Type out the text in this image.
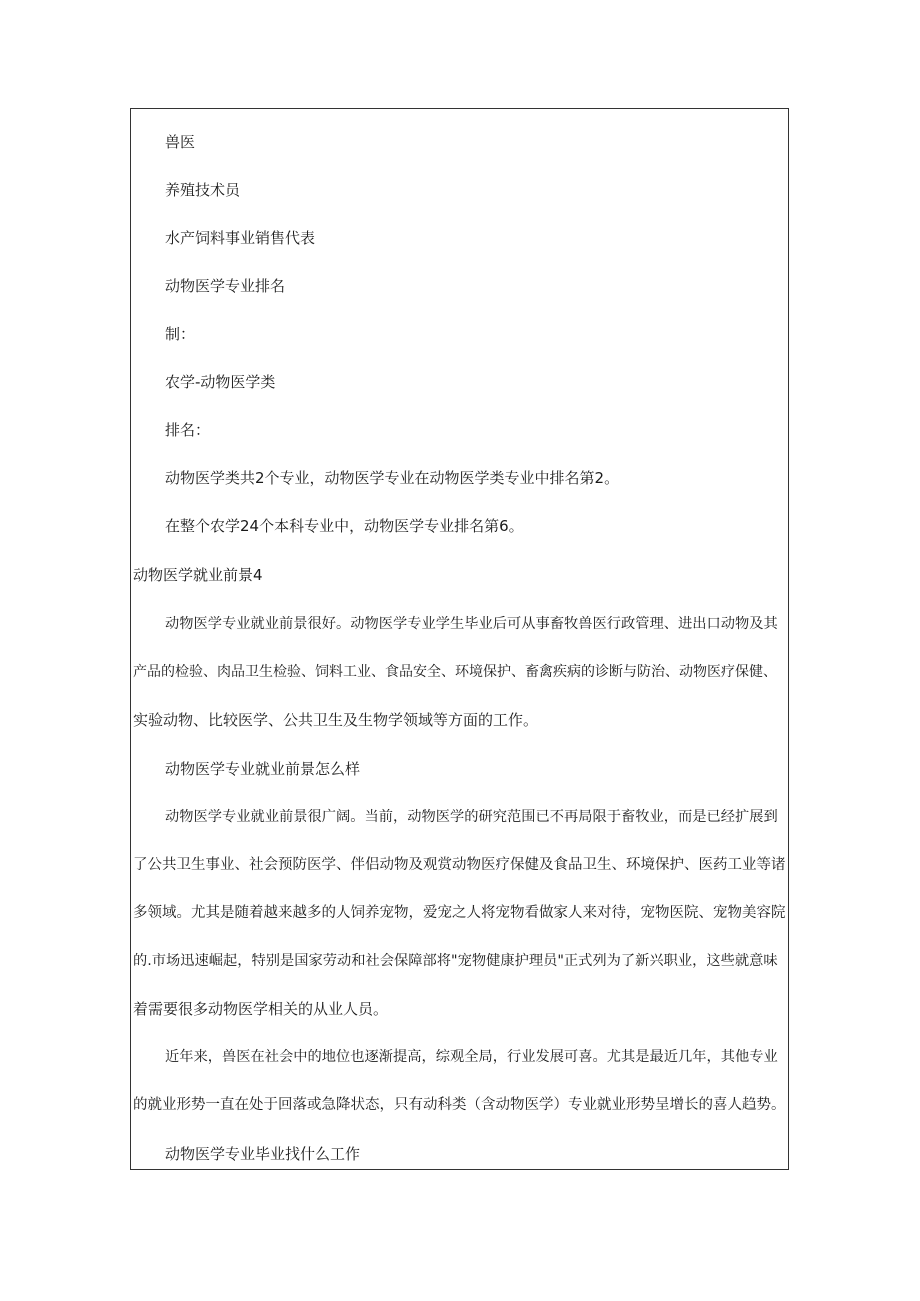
兽医

养殖技术员

水产饲料事业销售代表

动物医学专业排名

制：

农学-动物医学类

排名：

动物医学类共2个专业，动物医学专业在动物医学类专业中排名第2。

在整个农学24个本科专业中，动物医学专业排名第6。

动物医学就业前景4

动物医学专业就业前景很好。动物医学专业学生毕业后可从事畜牧兽医行政管理、进出口动物及其

产品的检验、肉品卫生检验、饲料工业、食品安全、环境保护、畜禽疾病的诊断与防治、动物医疗保健、

实验动物、比较医学、公共卫生及生物学领域等方面的工作。

动物医学专业就业前景怎么样

动物医学专业就业前景很广阔。当前，动物医学的研究范围已不再局限于畜牧业，而是已经扩展到

了公共卫生事业、社会预防医学、伴侣动物及观赏动物医疗保健及食品卫生、环境保护、医药工业等诸

多领域。尤其是随着越来越多的人饲养宠物，爱宠之人将宠物看做家人来对待，宠物医院、宠物美容院

的.市场迅速崛起，特别是国家劳动和社会保障部将"宠物健康护理员"正式列为了新兴职业，这些就意味

着需要很多动物医学相关的从业人员。

近年来，兽医在社会中的地位也逐渐提高，综观全局，行业发展可喜。尤其是最近几年，其他专业

的就业形势一直在处于回落或急降状态，只有动科类（含动物医学）专业就业形势呈增长的喜人趋势。

动物医学专业毕业找什么工作
